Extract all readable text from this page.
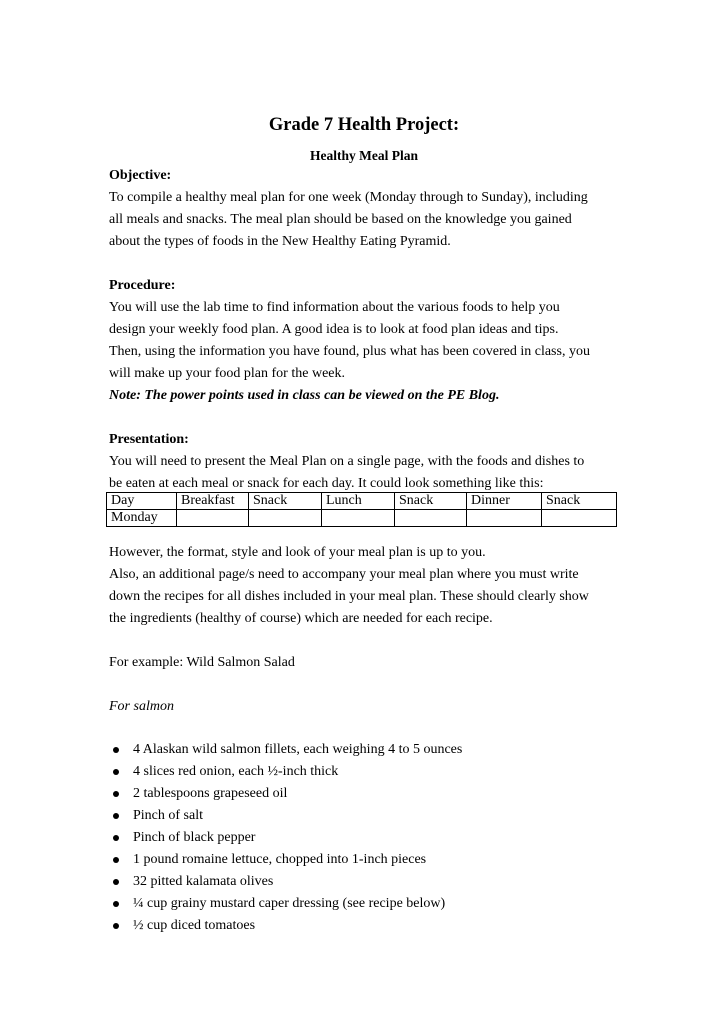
Grade 7 Health Project:
Healthy Meal Plan
Objective:
To compile a healthy meal plan for one week (Monday through to Sunday), including
all meals and snacks. The meal plan should be based on the knowledge you gained
about the types of foods in the New Healthy Eating Pyramid.
Procedure:
You will use the lab time to find information about the various foods to help you
design your weekly food plan. A good idea is to look at food plan ideas and tips.
Then, using the information you have found, plus what has been covered in class, you
will make up your food plan for the week.
Note: The power points used in class can be viewed on the PE Blog.
Presentation:
You will need to present the Meal Plan on a single page, with the foods and dishes to
be eaten at each meal or snack for each day. It could look something like this:
Day	Breakfast	Snack	Lunch	Snack	Dinner	Snack
Monday						
However, the format, style and look of your meal plan is up to you.
Also, an additional page/s need to accompany your meal plan where you must write
down the recipes for all dishes included in your meal plan. These should clearly show
the ingredients (healthy of course) which are needed for each recipe.
For example: Wild Salmon Salad
For salmon
4 Alaskan wild salmon fillets, each weighing 4 to 5 ounces
4 slices red onion, each ½-inch thick
2 tablespoons grapeseed oil
Pinch of salt
Pinch of black pepper
1 pound romaine lettuce, chopped into 1-inch pieces
32 pitted kalamata olives
¼ cup grainy mustard caper dressing (see recipe below)
½ cup diced tomatoes
